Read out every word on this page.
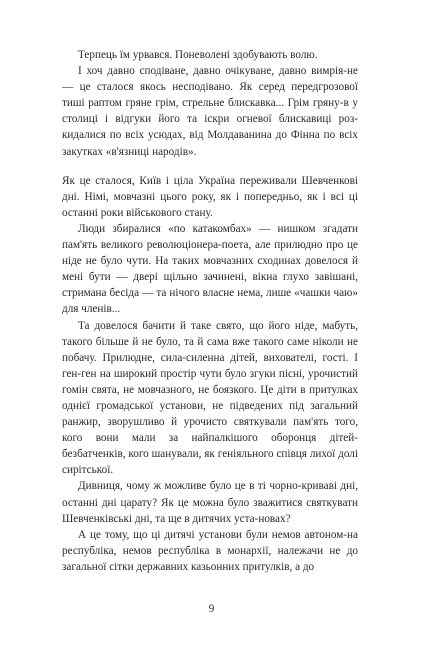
Терпець їм урвався. Поневолені здобувають волю.

І хоч давно сподіване, давно очікуване, давно вимрія-не — це сталося якось несподівано. Як серед передгрозової тиші раптом гряне грім, стрельне блискавка... Грім гряну-в у столиці і відгуки його та іскри огневої блискавиці роз-кидалися по всіх усюдах, від Молдаванина до Фінна по всіх закутках «в'язниці народів».

Як це сталося, Київ і ціла Україна переживали Шевченкові дні. Німі, мовчазні цього року, як і попередньо, як і всі ці останні роки військового стану.

Люди збиралися «по катакомбах» — нишком згадати пам'ять великого революціонера-поета, але прилюдно про це ніде не було чути. На таких мовчазних сходинах довелося й мені бути — двері щільно зачинені, вікна глухо завішані, стримана бесіда — та нічого власне нема, лише «чашки чаю» для членів...

Та довелося бачити й таке свято, що його ніде, мабуть, такого більше й не було, та й сама вже такого саме ніколи не побачу. Прилюдне, сила-силенна дітей, вихователі, гості. І ген-ген на широкий простір чути було згуки пісні, урочистий гомін свята, не мовчазного, не боязкого. Це діти в притулках однієї громадської установи, не підведених під загальний ранжир, зворушливо й урочисто святкували пам'ять того, кого вони мали за найпалкішого оборонця дітей-безбатченків, кого шанували, як геніяльного співця лихої долі сирітської.

Дивниця, чому ж можливе було це в ті чорно-криваві дні, останні дні царату? Як це можна було зважитися святкувати Шевченківські дні, та ще в дитячих уста-новах?

А це тому, що ці дитячі установи були немов автоном-на республіка, немов республіка в монархії, належачи не до загальної сітки державних казьонних притулків, а до

9
